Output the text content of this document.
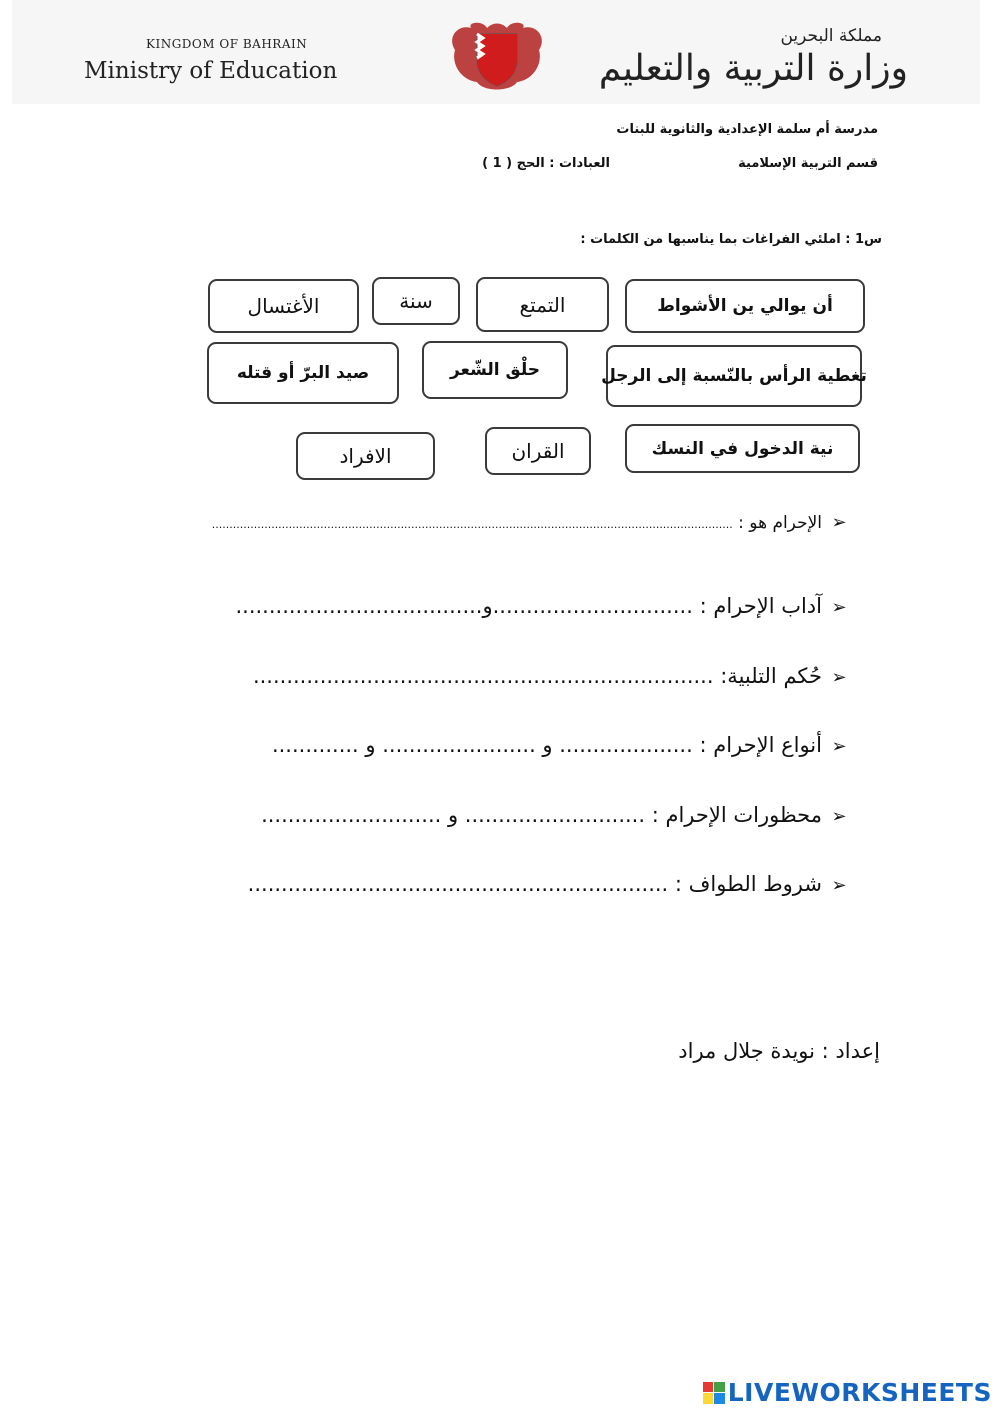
KINGDOM OF BAHRAIN
Ministry of Education
مملكة البحرين
وزارة التربية والتعليم
مدرسة أم سلمة الإعدادية والثانوية للبنات
قسم التربية الإسلامية
العبادات : الحج ( 1 )
س1 : املئي الفراغات بما يناسبها من الكلمات :
أن يوالي ين الأشواط
التمتع
سنة
الأغتسال
تغطية الرأس بالنّسبة إلى الرجل
حلْق الشّعر
صيد البرّ أو قتله
نية الدخول في النسك
القران
الافراد
➢الإحرام هو : .....................................................................................................................................................
➢آداب الإحرام : ..............................و.....................................
➢حُكم التلبية: .....................................................................
➢أنواع الإحرام : .................... و ....................... و .............
➢محظورات الإحرام : ........................... و ...........................
➢شروط الطواف : ...............................................................
إعداد : نويدة جلال مراد
LIVEWORKSHEETS
